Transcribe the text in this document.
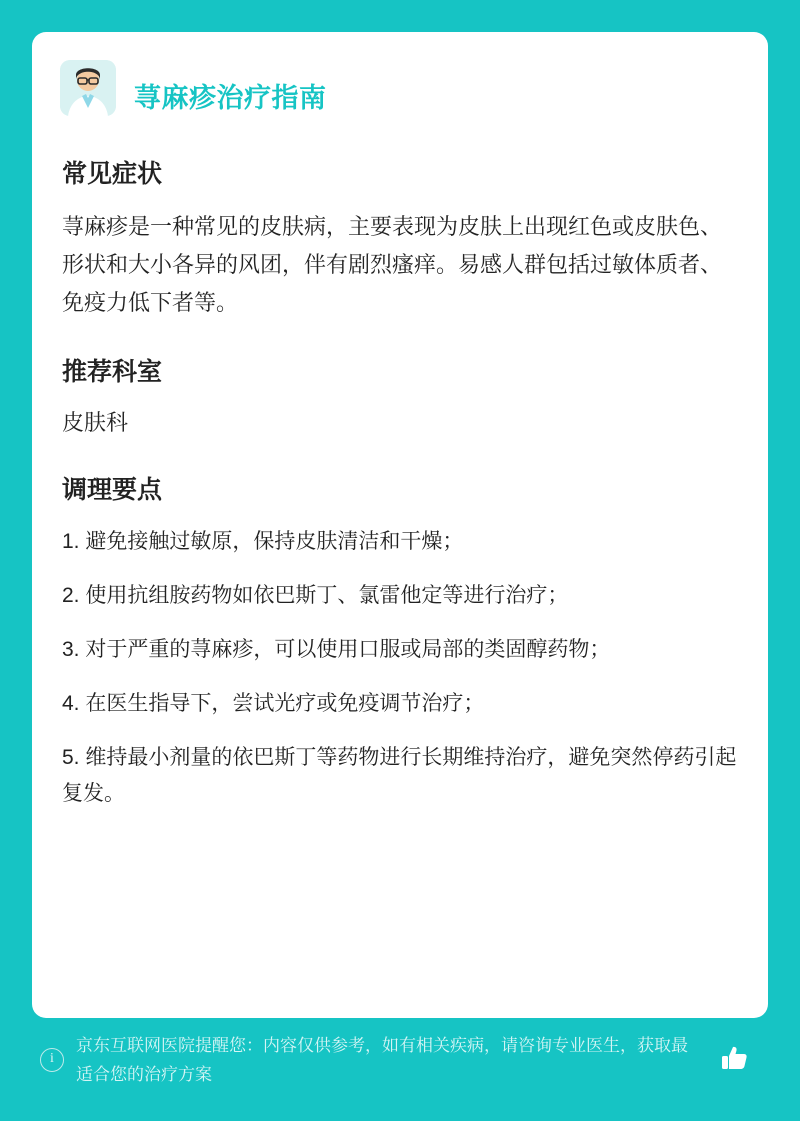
荨麻疹治疗指南
常见症状

荨麻疹是一种常见的皮肤病，主要表现为皮肤上出现红色或皮肤色、形状和大小各异的风团，伴有剧烈瘙痒。易感人群包括过敏体质者、免疫力低下者等。

推荐科室

皮肤科

调理要点
1. 避免接触过敏原，保持皮肤清洁和干燥；
2. 使用抗组胺药物如依巴斯丁、氯雷他定等进行治疗；
3. 对于严重的荨麻疹，可以使用口服或局部的类固醇药物；
4. 在医生指导下，尝试光疗或免疫调节治疗；
5. 维持最小剂量的依巴斯丁等药物进行长期维持治疗，避免突然停药引起复发。
i
京东互联网医院提醒您：内容仅供参考，如有相关疾病，请咨询专业医生，获取最适合您的治疗方案
